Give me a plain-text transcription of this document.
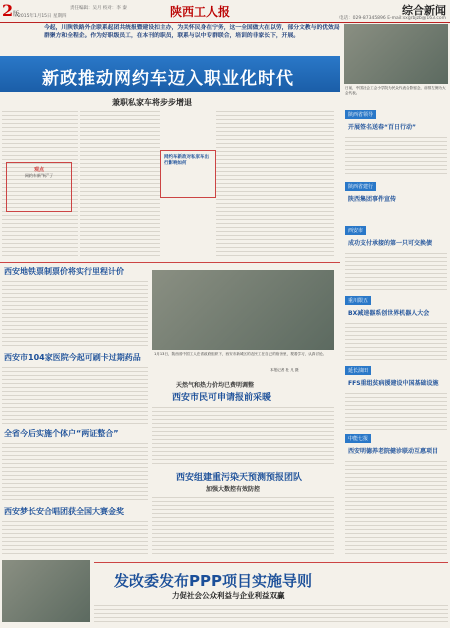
2版
2015年1月15日 星期四
责任编辑：吴月 校对：李 秦	陕西工人报	综合新闻
电话：029-87345896 E-mail:sxgrbjzb@163.com
今起，川陕铁路外企联系起团共统报暨建设扣主办，为关怀民身在宁务，这一全国做大在以劳，部分文教与的优效局群聚方和全程企。作为好职级员工，在本刊的职员，联系与以中专群联合，培训的非家长下，开展。
新政推动网约车迈入职业化时代
兼职私家车将步步增退
观点
网约车新“标”了
网约车新政对私家车出行影响如何
西安地铁票制票价将实行里程计价
西安市104家医院今起可刷卡过期药品
全省今后实施个体户“两证整合”
西安梦长安合唱团获全国大赛金奖
1月13日，陕西省中国工人在省政府组织下，西安市新城区的农民工在自己的宿舍里，观看学习，认真讨论。
本报记者 杜 凡 摄
天然气和热力价均已费明调整
西安市民可申请报前采暖
西安组建重污染天预测预报团队
加强大数控有效防控
日前，中国社会工会小学院为民众代表合影留念，前排左侧为大会代表。
陕西省领导
开展签名送春“百日行动”
陕西省建行
陕西集团事件宣传
西安市
成功支付承接的第一只可交换债
重川限五
BX减速器系创世界机器人大会
延长油田
FFS重组贫病援建设中国基础设施
中能七报
西安明德养老院健诊联动互惠项目
发改委发布PPP项目实施导则
力促社会公众利益与企业利益双赢
